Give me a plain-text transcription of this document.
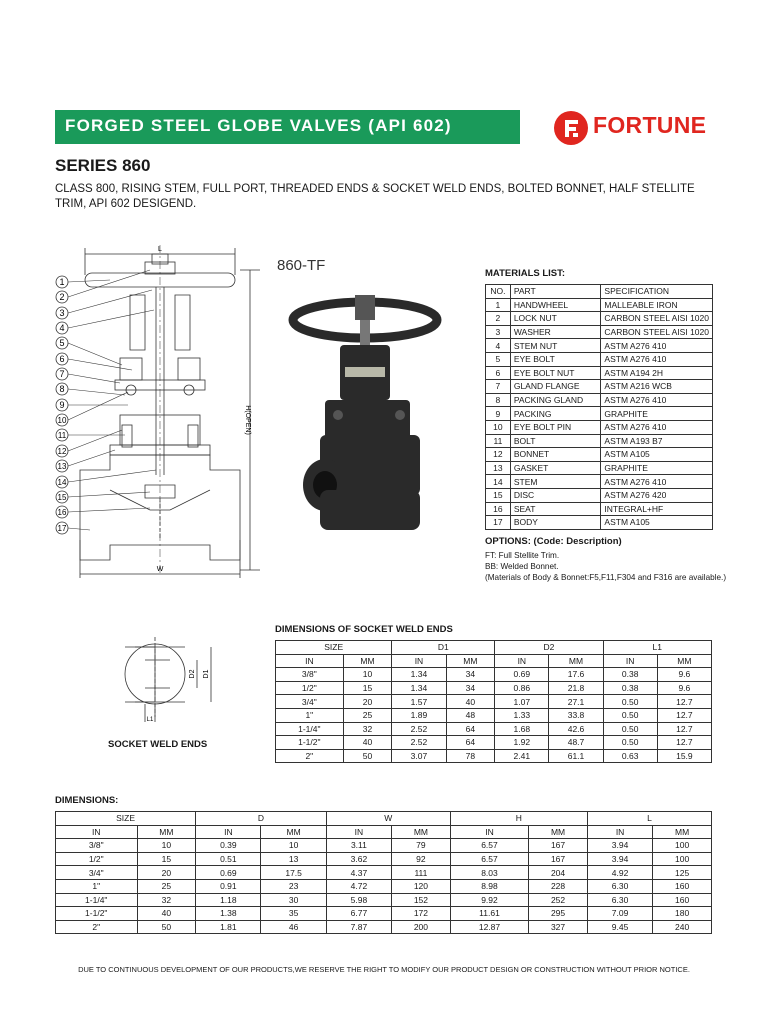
FORGED STEEL GLOBE VALVES (API 602)	FORTUNE
SERIES 860
CLASS 800, RISING STEM, FULL PORT, THREADED ENDS & SOCKET WELD ENDS, BOLTED BONNET, HALF STELLITE TRIM, API 602 DESIGEND.
1
2
3
4
5
6
7
8
9
10
11
12
13
14
15
16
17
L
H(OPEN)
W
860-TF	MATERIALS LIST:
NO.	PART	SPECIFICATION
1	HANDWHEEL	MALLEABLE IRON
2	LOCK NUT	CARBON STEEL AISI 1020
3	WASHER	CARBON STEEL AISI 1020
4	STEM NUT	ASTM A276 410
5	EYE BOLT	ASTM A276 410
6	EYE BOLT NUT	ASTM A194 2H
7	GLAND FLANGE	ASTM A216 WCB
8	PACKING GLAND	ASTM A276 410
9	PACKING	GRAPHITE
10	EYE BOLT PIN	ASTM A276 410
11	BOLT	ASTM A193 B7
12	BONNET	ASTM A105
13	GASKET	GRAPHITE
14	STEM	ASTM A276 410
15	DISC	ASTM A276 420
16	SEAT	INTEGRAL+HF
17	BODY	ASTM A105
OPTIONS: (Code: Description)
FT: Full Stellite Trim.
BB: Welded Bonnet.
(Materials of Body & Bonnet:F5,F11,F304 and F316 are available.)
D2 D1
L1
SOCKET WELD ENDS
DIMENSIONS OF SOCKET WELD ENDS
SIZE		D1		D2		L1	
IN	MM	IN	MM	IN	MM	IN	MM
3/8"	10	1.34	34	0.69	17.6	0.38	9.6
1/2"	15	1.34	34	0.86	21.8	0.38	9.6
3/4"	20	1.57	40	1.07	27.1	0.50	12.7
1"	25	1.89	48	1.33	33.8	0.50	12.7
1-1/4"	32	2.52	64	1.68	42.6	0.50	12.7
1-1/2"	40	2.52	64	1.92	48.7	0.50	12.7
2"	50	3.07	78	2.41	61.1	0.63	15.9
DIMENSIONS:
SIZE		D		W		H		L	
IN	MM	IN	MM	IN	MM	IN	MM	IN	MM
3/8"	10	0.39	10	3.11	79	6.57	167	3.94	100
1/2"	15	0.51	13	3.62	92	6.57	167	3.94	100
3/4"	20	0.69	17.5	4.37	111	8.03	204	4.92	125
1"	25	0.91	23	4.72	120	8.98	228	6.30	160
1-1/4"	32	1.18	30	5.98	152	9.92	252	6.30	160
1-1/2"	40	1.38	35	6.77	172	11.61	295	7.09	180
2"	50	1.81	46	7.87	200	12.87	327	9.45	240
DUE TO CONTINUOUS DEVELOPMENT OF OUR PRODUCTS,WE RESERVE THE RIGHT TO MODIFY OUR PRODUCT DESIGN OR CONSTRUCTION WITHOUT PRIOR NOTICE.
